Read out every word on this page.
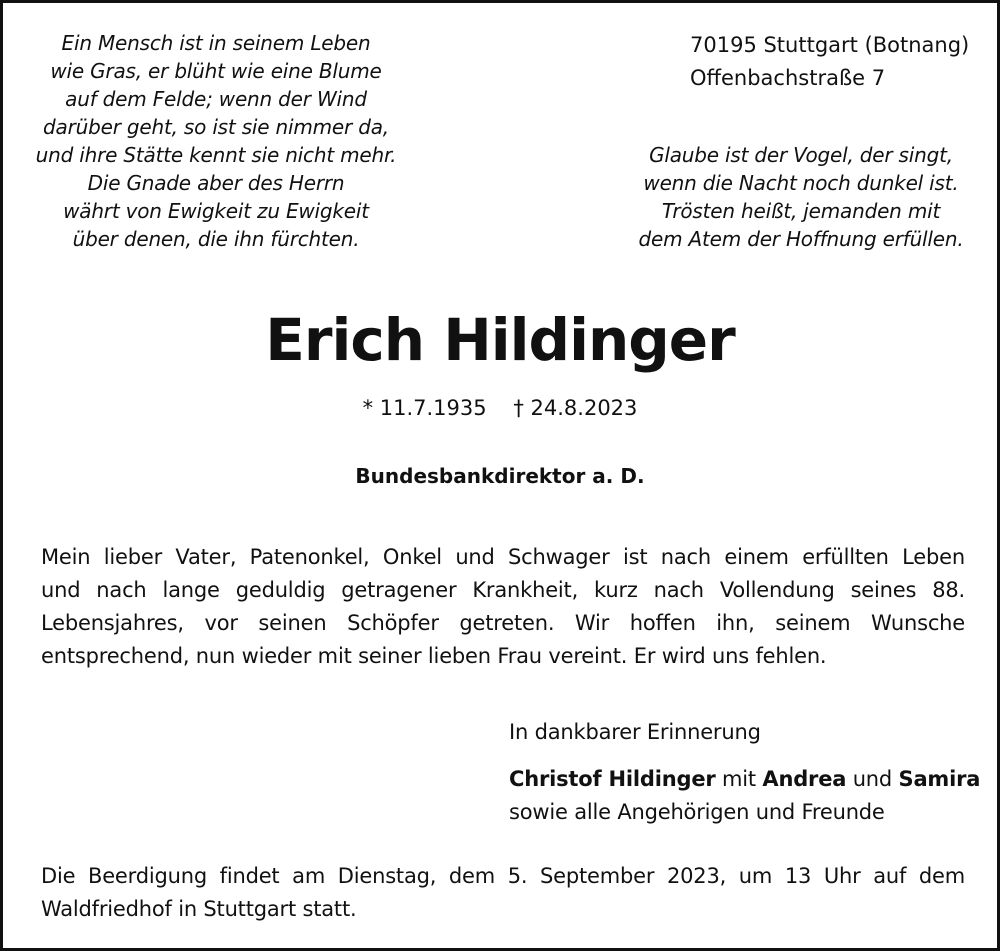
Ein Mensch ist in seinem Leben
wie Gras, er blüht wie eine Blume
auf dem Felde; wenn der Wind
darüber geht, so ist sie nimmer da,
und ihre Stätte kennt sie nicht mehr.
Die Gnade aber des Herrn
währt von Ewigkeit zu Ewigkeit
über denen, die ihn fürchten.
70195 Stuttgart (Botnang)
Offenbachstraße 7
Glaube ist der Vogel, der singt,
wenn die Nacht noch dunkel ist.
Trösten heißt, jemanden mit
dem Atem der Hoffnung erfüllen.
Erich Hildinger
* 11.7.1935 † 24.8.2023
Bundesbankdirektor a. D.
Mein lieber Vater, Patenonkel, Onkel und Schwager ist nach einem erfüllten Leben
und nach lange geduldig getragener Krankheit, kurz nach Vollendung seines 88.
Lebensjahres, vor seinen Schöpfer getreten. Wir hoffen ihn, seinem Wunsche
entsprechend, nun wieder mit seiner lieben Frau vereint. Er wird uns fehlen.
In dankbarer Erinnerung
Christof Hildinger mit Andrea und Samira
sowie alle Angehörigen und Freunde
Die Beerdigung findet am Dienstag, dem 5. September 2023, um 13 Uhr auf dem
Waldfriedhof in Stuttgart statt.
